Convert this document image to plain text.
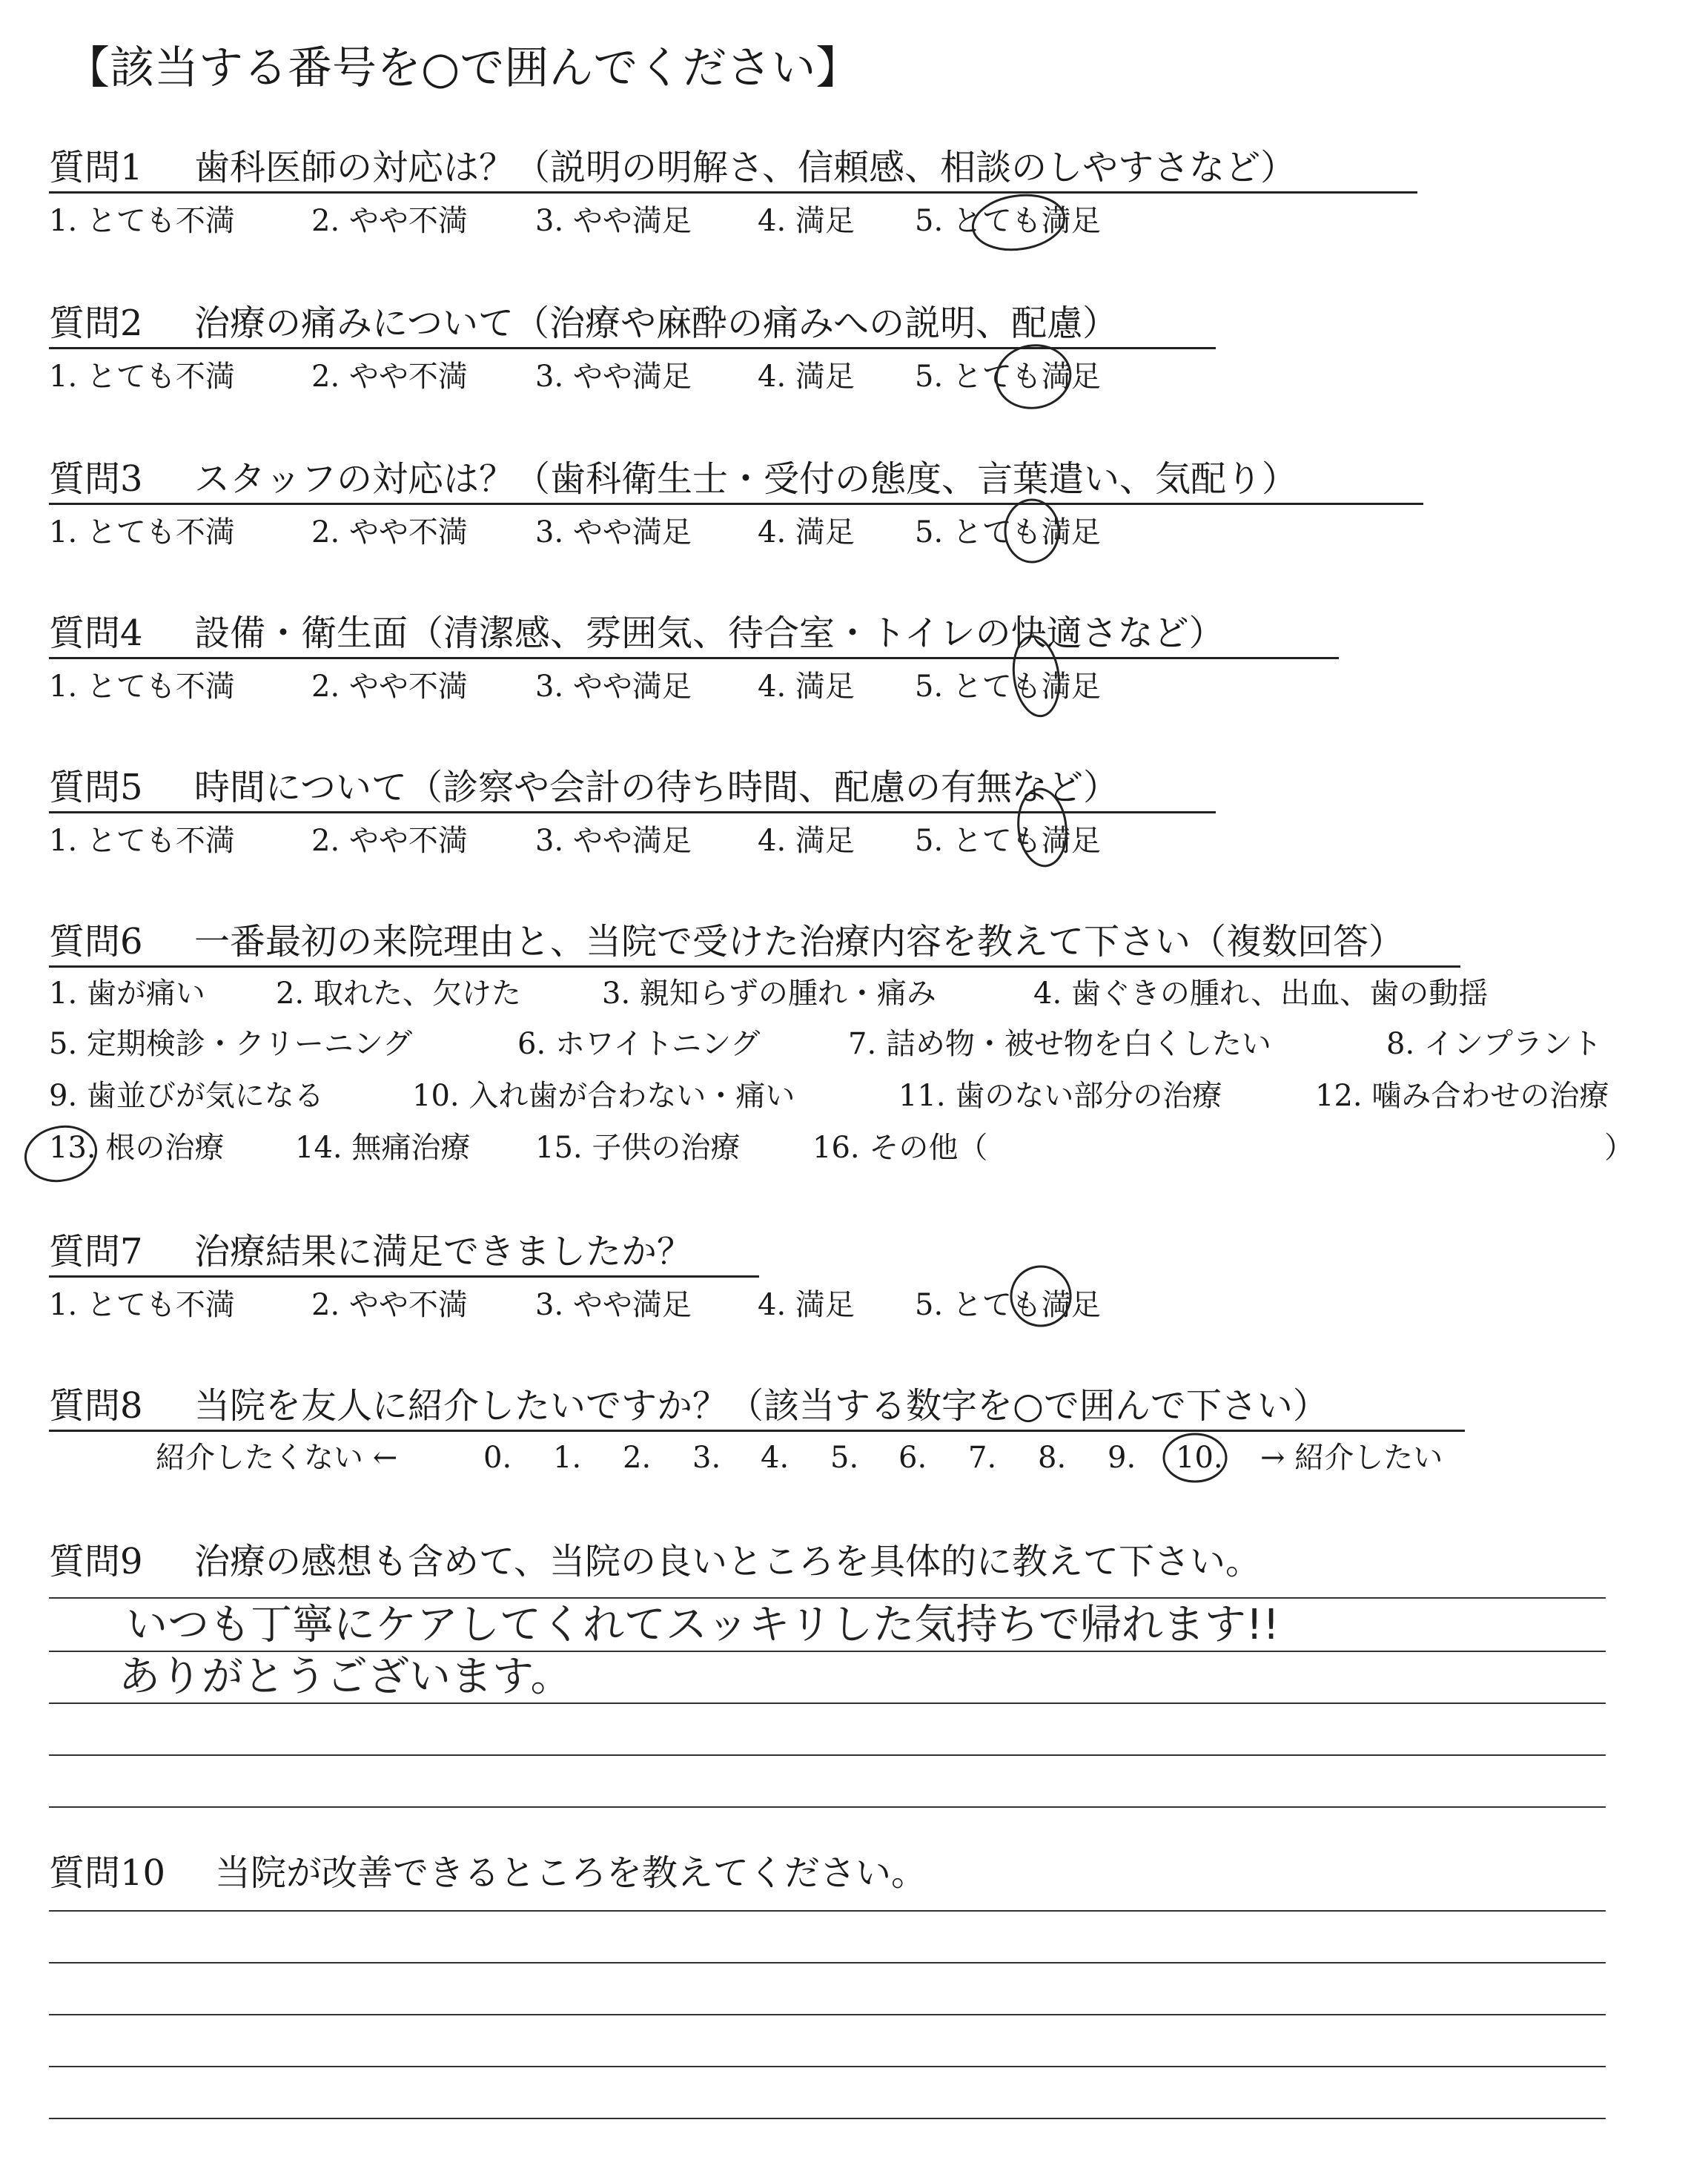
【該当する番号を○で囲んでください】
質問1 歯科医師の対応は？（説明の明解さ、信頼感、相談のしやすさなど）
1. とても不満	2. やや不満 3. やや満足 4. 満足 5. とても満足
質問2 治療の痛みについて（治療や麻酔の痛みへの説明、配慮）
1. とても不満	2. やや不満 3. やや満足 4. 満足 5. とても満足
質問3 スタッフの対応は？（歯科衛生士・受付の態度、言葉遣い、気配り）
1. とても不満	2. やや不満 3. やや満足 4. 満足 5. とても満足
質問4 設備・衛生面（清潔感、雰囲気、待合室・トイレの快適さなど）
1. とても不満	2. やや不満 3. やや満足 4. 満足 5. とても満足
質問5 時間について（診察や会計の待ち時間、配慮の有無など）
1. とても不満	2. やや不満 3. やや満足 4. 満足 5. とても満足
質問6 一番最初の来院理由と、当院で受けた治療内容を教えて下さい（複数回答）
1. 歯が痛い 2. 取れた、欠けた	3. 親知らずの腫れ・痛み	4. 歯ぐきの腫れ、出血、歯の動揺
5. 定期検診・クリーニング	6. ホワイトニング	7. 詰め物・被せ物を白くしたい	8. インプラント
9. 歯並びが気になる	10. 入れ歯が合わない・痛い	11. 歯のない部分の治療	12. 噛み合わせの治療
13. 根の治療 14. 無痛治療 15. 子供の治療 16. その他（	）
質問7 治療結果に満足できましたか？
1. とても不満	2. やや不満 3. やや満足 4. 満足 5. とても満足
質問8 当院を友人に紹介したいですか？（該当する数字を○で囲んで下さい）
紹介したくない ←	0. 1. 2. 3. 4. 5. 6. 7. 8. 9. 10. → 紹介したい
質問9 治療の感想も含めて、当院の良いところを具体的に教えて下さい。
いつも丁寧にケアしてくれてスッキリした気持ちで帰れます!!
ありがとうございます。
質問10 当院が改善できるところを教えてください。
